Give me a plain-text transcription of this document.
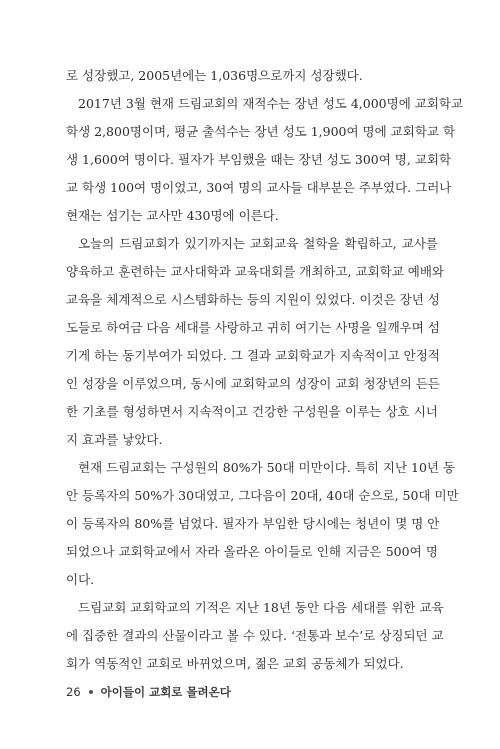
로 성장했고, 2005년에는 1,036명으로까지 성장했다.
2017년 3월 현재 드림교회의 재적수는 장년 성도 4,000명에 교회학교
학생 2,800명이며, 평균 출석수는 장년 성도 1,900여 명에 교회학교 학
생 1,600여 명이다. 필자가 부임했을 때는 장년 성도 300여 명, 교회학
교 학생 100여 명이었고, 30여 명의 교사들 대부분은 주부였다. 그러나
현재는 섬기는 교사만 430명에 이른다.
오늘의 드림교회가 있기까지는 교회교육 철학을 확립하고, 교사를
양육하고 훈련하는 교사대학과 교육대회를 개최하고, 교회학교 예배와
교육을 체계적으로 시스템화하는 등의 지원이 있었다. 이것은 장년 성
도들로 하여금 다음 세대를 사랑하고 귀히 여기는 사명을 일깨우며 섬
기게 하는 동기부여가 되었다. 그 결과 교회학교가 지속적이고 안정적
인 성장을 이루었으며, 동시에 교회학교의 성장이 교회 청장년의 든든
한 기초를 형성하면서 지속적이고 건강한 구성원을 이루는 상호 시너
지 효과를 낳았다.
현재 드림교회는 구성원의 80%가 50대 미만이다. 특히 지난 10년 동
안 등록자의 50%가 30대였고, 그다음이 20대, 40대 순으로, 50대 미만
이 등록자의 80%를 넘었다. 필자가 부임한 당시에는 청년이 몇 명 안
되었으나 교회학교에서 자라 올라온 아이들로 인해 지금은 500여 명
이다.
드림교회 교회학교의 기적은 지난 18년 동안 다음 세대를 위한 교육
에 집중한 결과의 산물이라고 볼 수 있다. ‘전통과 보수’로 상징되던 교
회가 역동적인 교회로 바뀌었으며, 젊은 교회 공동체가 되었다.
26 아이들이 교회로 몰려온다
